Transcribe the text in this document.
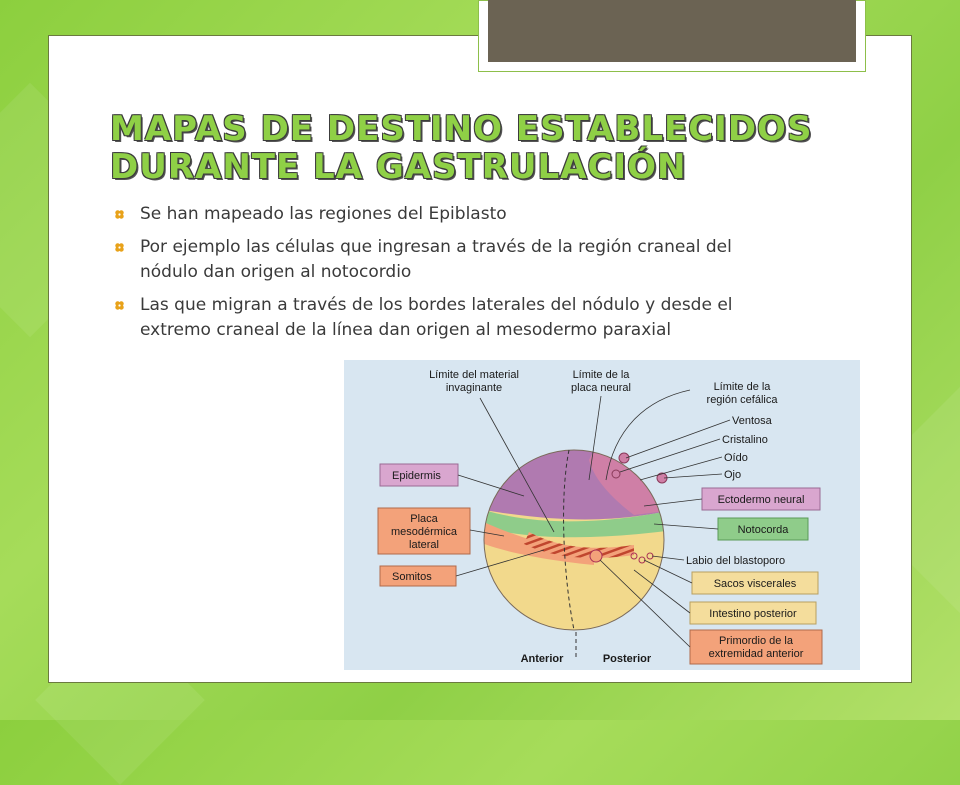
MAPAS DE DESTINO ESTABLECIDOS
DURANTE LA GASTRULACIÓN
Se han mapeado las regiones del Epiblasto
Por ejemplo las células que ingresan a través de la región craneal del nódulo dan origen al notocordio
Las que migran a través de los bordes laterales del nódulo y desde el extremo craneal de la línea dan origen al mesodermo paraxial
Epidermis
Placa
mesodérmica
lateral
Somitos
Límite del material
invaginante
Límite de la
placa neural	Límite de la
región cefálica
Ventosa
Cristalino
Oído
Ojo
Ectodermo neural
Notocorda
Labio del blastoporo
Sacos viscerales
Intestino posterior
Primordio de la
extremidad anterior
Anterior	Posterior
